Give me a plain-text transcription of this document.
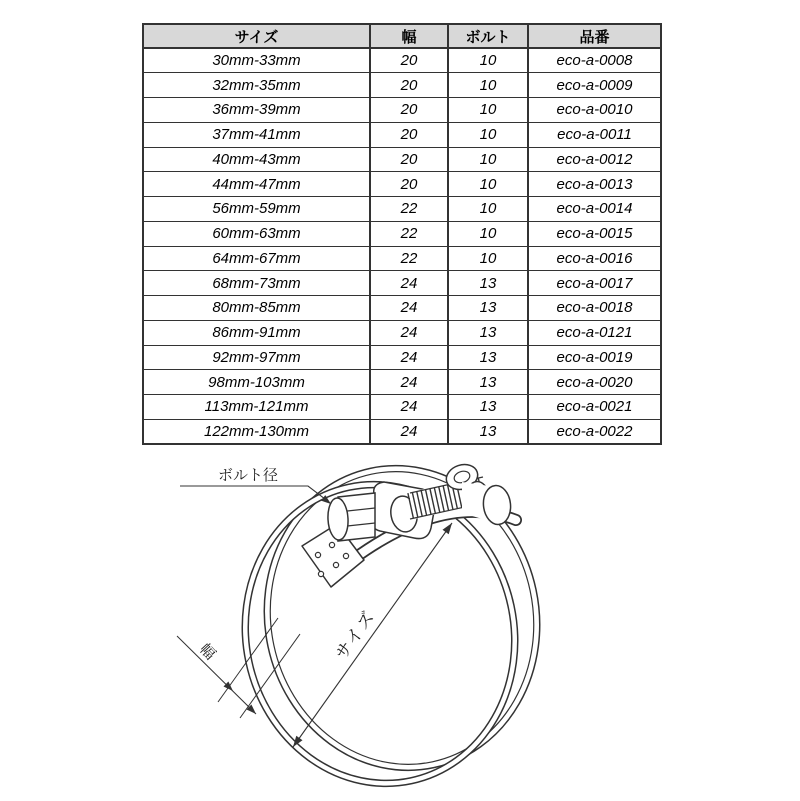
サイズ	幅	ボルト	品番
30mm-33mm	20	10	eco-a-0008
32mm-35mm	20	10	eco-a-0009
36mm-39mm	20	10	eco-a-0010
37mm-41mm	20	10	eco-a-0011
40mm-43mm	20	10	eco-a-0012
44mm-47mm	20	10	eco-a-0013
56mm-59mm	22	10	eco-a-0014
60mm-63mm	22	10	eco-a-0015
64mm-67mm	22	10	eco-a-0016
68mm-73mm	24	13	eco-a-0017
80mm-85mm	24	13	eco-a-0018
86mm-91mm	24	13	eco-a-0121
92mm-97mm	24	13	eco-a-0019
98mm-103mm	24	13	eco-a-0020
113mm-121mm	24	13	eco-a-0021
122mm-130mm	24	13	eco-a-0022
ボルト径
サイズ
幅
